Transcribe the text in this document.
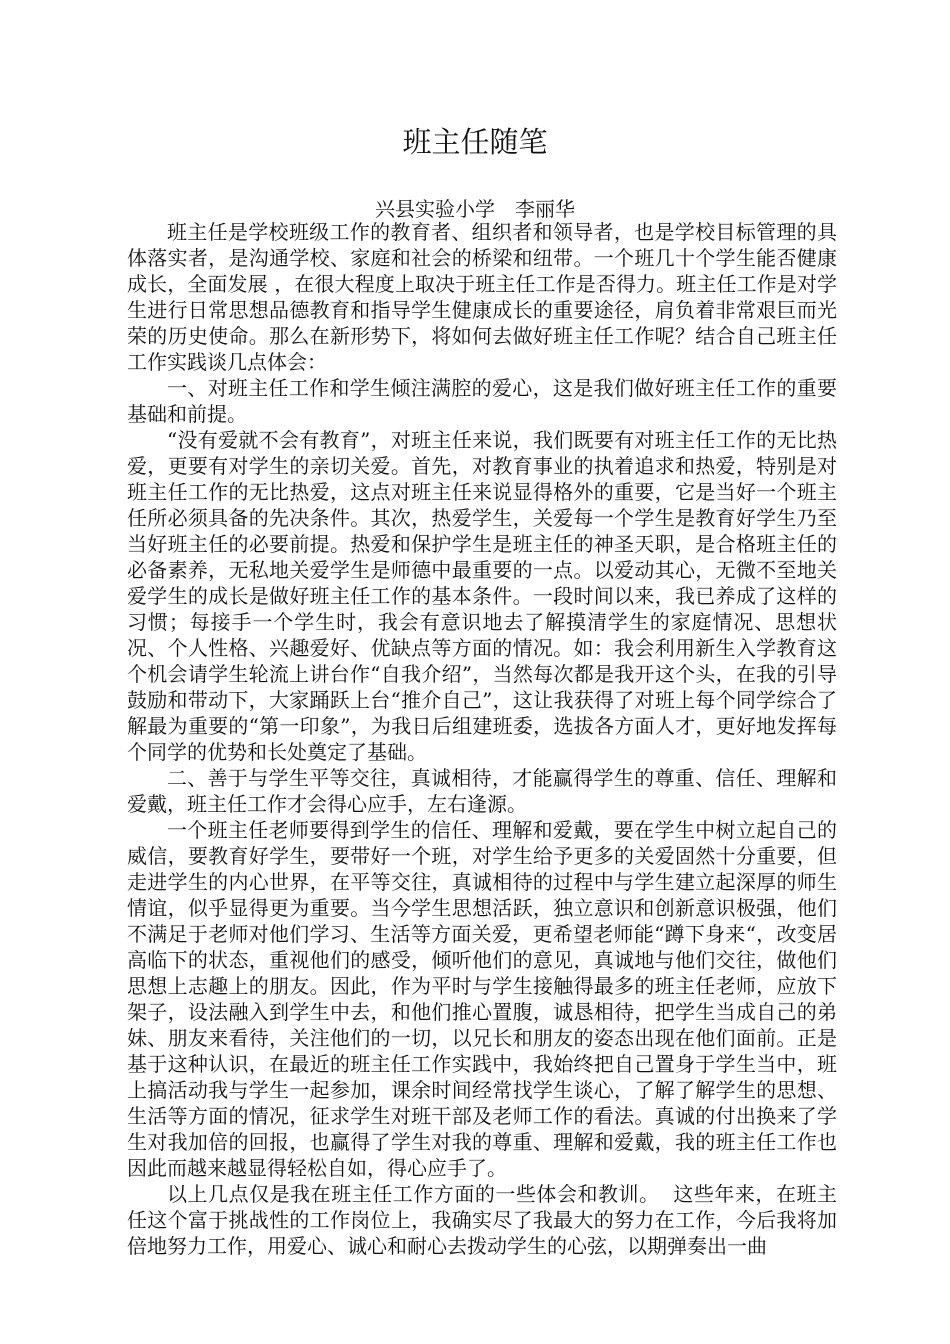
班主任随笔
兴县实验小学　李丽华

班主任是学校班级工作的教育者、组织者和领导者，也是学校目标管理的具体落实者，是沟通学校、家庭和社会的桥梁和纽带。一个班几十个学生能否健康 成长，全面发展 ，在很大程度上取决于班主任工作是否得力。班主任工作是对学生进行日常思想品德教育和指导学生健康成长的重要途径，肩负着非常艰巨而光荣的历史使命。那么在新形势下，将如何去做好班主任工作呢？结合自己班主任工作实践谈几点体会：

一、对班主任工作和学生倾注满腔的爱心，这是我们做好班主任工作的重要基础和前提。

“没有爱就不会有教育”，对班主任来说，我们既要有对班主任工作的无比热爱，更要有对学生的亲切关爱。首先，对教育事业的执着追求和热爱，特别是对班主任工作的无比热爱，这点对班主任来说显得格外的重要，它是当好一个班主任所必须具备的先决条件。其次，热爱学生，关爱每一个学生是教育好学生乃至当好班主任的必要前提。热爱和保护学生是班主任的神圣天职，是合格班主任的必备素养，无私地关爱学生是师德中最重要的一点。以爱动其心，无微不至地关爱学生的成长是做好班主任工作的基本条件。一段时间以来，我已养成了这样的习惯；每接手一个学生时，我会有意识地去了解摸清学生的家庭情况、思想状况、个人性格、兴趣爱好、优缺点等方面的情况。如：我会利用新生入学教育这个机会请学生轮流上讲台作“自我介绍”，当然每次都是我开这个头，在我的引导鼓励和带动下，大家踊跃上台“推介自己”，这让我获得了对班上每个同学综合了解最为重要的“第一印象”，为我日后组建班委，选拔各方面人才，更好地发挥每个同学的优势和长处奠定了基础。

二、善于与学生平等交往，真诚相待，才能赢得学生的尊重、信任、理解和爱戴，班主任工作才会得心应手，左右逢源。

一个班主任老师要得到学生的信任、理解和爱戴，要在学生中树立起自己的威信，要教育好学生，要带好一个班，对学生给予更多的关爱固然十分重要，但走进学生的内心世界，在平等交往，真诚相待的过程中与学生建立起深厚的师生情谊，似乎显得更为重要。当今学生思想活跃，独立意识和创新意识极强，他们不满足于老师对他们学习、生活等方面关爱，更希望老师能“蹲下身来“，改变居高临下的状态，重视他们的感受，倾听他们的意见，真诚地与他们交往，做他们思想上志趣上的朋友。因此，作为平时与学生接触得最多的班主任老师，应放下架子，设法融入到学生中去，和他们推心置腹，诚恳相待，把学生当成自己的弟妹、朋友来看待，关注他们的一切，以兄长和朋友的姿态出现在他们面前。正是基于这种认识，在最近的班主任工作实践中，我始终把自己置身于学生当中，班上搞活动我与学生一起参加，课余时间经常找学生谈心，了解了解学生的思想、生活等方面的情况，征求学生对班干部及老师工作的看法。真诚的付出换来了学生对我加倍的回报，也赢得了学生对我的尊重、理解和爱戴，我的班主任工作也因此而越来越显得轻松自如，得心应手了。

以上几点仅是我在班主任工作方面的一些体会和教训。  这些年来，在班主任这个富于挑战性的工作岗位上，我确实尽了我最大的努力在工作，今后我将加倍地努力工作，用爱心、诚心和耐心去拨动学生的心弦，以期弹奏出一曲
